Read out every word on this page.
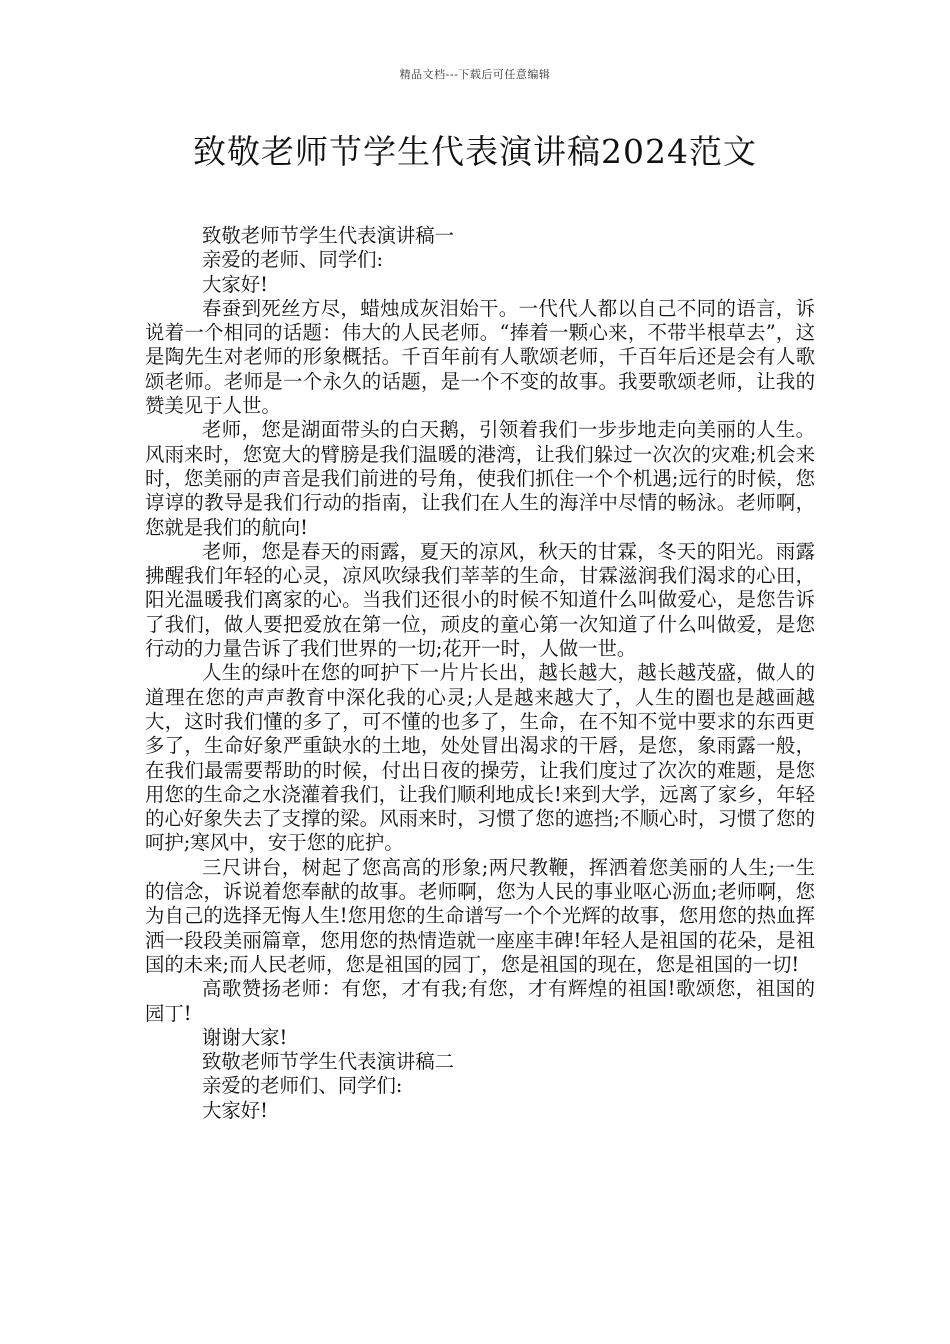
精品文档---下载后可任意编辑
致敬老师节学生代表演讲稿2024范文

致敬老师节学生代表演讲稿一

亲爱的老师、同学们:

大家好!

春蚕到死丝方尽，蜡烛成灰泪始干。一代代人都以自己不同的语言，诉说着一个相同的话题：伟大的人民老师。“捧着一颗心来，不带半根草去”，这是陶先生对老师的形象概括。千百年前有人歌颂老师，千百年后还是会有人歌颂老师。老师是一个永久的话题，是一个不变的故事。我要歌颂老师，让我的赞美见于人世。

老师，您是湖面带头的白天鹅，引领着我们一步步地走向美丽的人生。风雨来时，您宽大的臂膀是我们温暖的港湾，让我们躲过一次次的灾难;机会来时，您美丽的声音是我们前进的号角，使我们抓住一个个机遇;远行的时候，您谆谆的教导是我们行动的指南，让我们在人生的海洋中尽情的畅泳。老师啊，您就是我们的航向!

老师，您是春天的雨露，夏天的凉风，秋天的甘霖，冬天的阳光。雨露拂醒我们年轻的心灵，凉风吹绿我们莘莘的生命，甘霖滋润我们渴求的心田，阳光温暖我们离家的心。当我们还很小的时候不知道什么叫做爱心，是您告诉了我们，做人要把爱放在第一位，顽皮的童心第一次知道了什么叫做爱，是您行动的力量告诉了我们世界的一切;花开一时，人做一世。

人生的绿叶在您的呵护下一片片长出，越长越大，越长越茂盛，做人的道理在您的声声教育中深化我的心灵;人是越来越大了，人生的圈也是越画越大，这时我们懂的多了，可不懂的也多了，生命，在不知不觉中要求的东西更多了，生命好象严重缺水的土地，处处冒出渴求的干唇，是您，象雨露一般，在我们最需要帮助的时候，付出日夜的操劳，让我们度过了次次的难题，是您用您的生命之水浇灌着我们，让我们顺利地成长!来到大学，远离了家乡，年轻的心好象失去了支撑的梁。风雨来时，习惯了您的遮挡;不顺心时，习惯了您的呵护;寒风中，安于您的庇护。

三尺讲台，树起了您高高的形象;两尺教鞭，挥洒着您美丽的人生;一生的信念，诉说着您奉献的故事。老师啊，您为人民的事业呕心沥血;老师啊，您为自己的选择无悔人生!您用您的生命谱写一个个光辉的故事，您用您的热血挥洒一段段美丽篇章，您用您的热情造就一座座丰碑!年轻人是祖国的花朵，是祖国的未来;而人民老师，您是祖国的园丁，您是祖国的现在，您是祖国的一切!

高歌赞扬老师：有您，才有我;有您，才有辉煌的祖国!歌颂您，祖国的园丁!

谢谢大家!

致敬老师节学生代表演讲稿二

亲爱的老师们、同学们:

大家好!
